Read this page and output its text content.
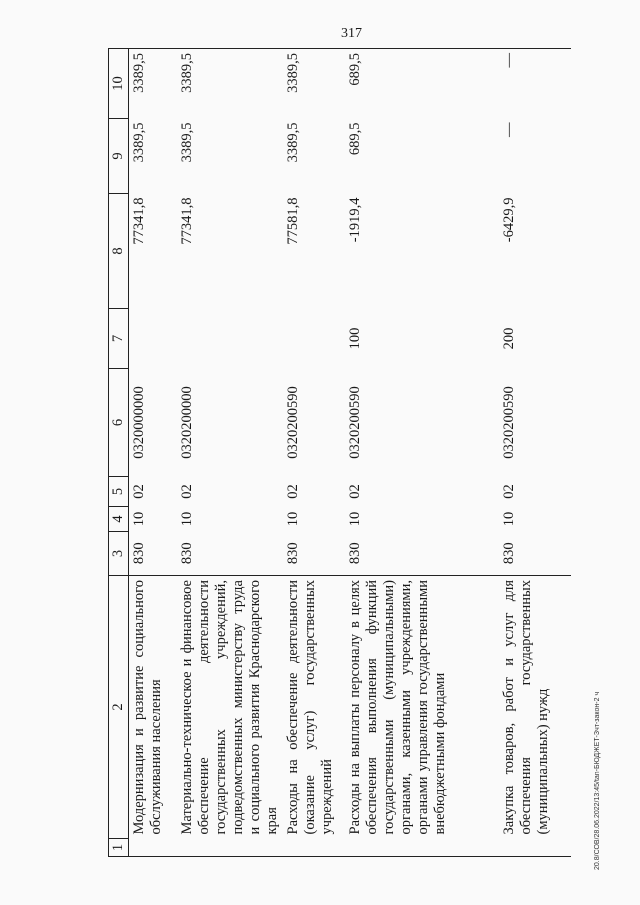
317
20.8/СОВ/28.06.2022/13:45/tan-БЮДЖЕТ-Зчт-закон-2 ч
1	2	3	4	5	6	7	8	9	10
	Модернизация и развитие социального обслуживания населения	830	10	02	0320000000		77341,8	3389,5	3389,5
	Материально-техническое и финансовое обеспечение деятельности государственных учреждений, подведомственных министерству труда и социального развития Краснодарского края	830	10	02	0320200000		77341,8	3389,5	3389,5
	Расходы на обеспечение деятельности (оказание услуг) государственных учреждений	830	10	02	0320200590		77581,8	3389,5	3389,5
	Расходы на выплаты персоналу в целях обеспечения выполнения функций государственными (муниципальными) органами, казенными учреждениями, органами управления государственными внебюджетными фондами	830	10	02	0320200590	100	-1919,4	689,5	689,5
	Закупка товаров, работ и услуг для обеспечения государственных (муниципальных) нужд	830	10	02	0320200590	200	-6429,9	—	—
